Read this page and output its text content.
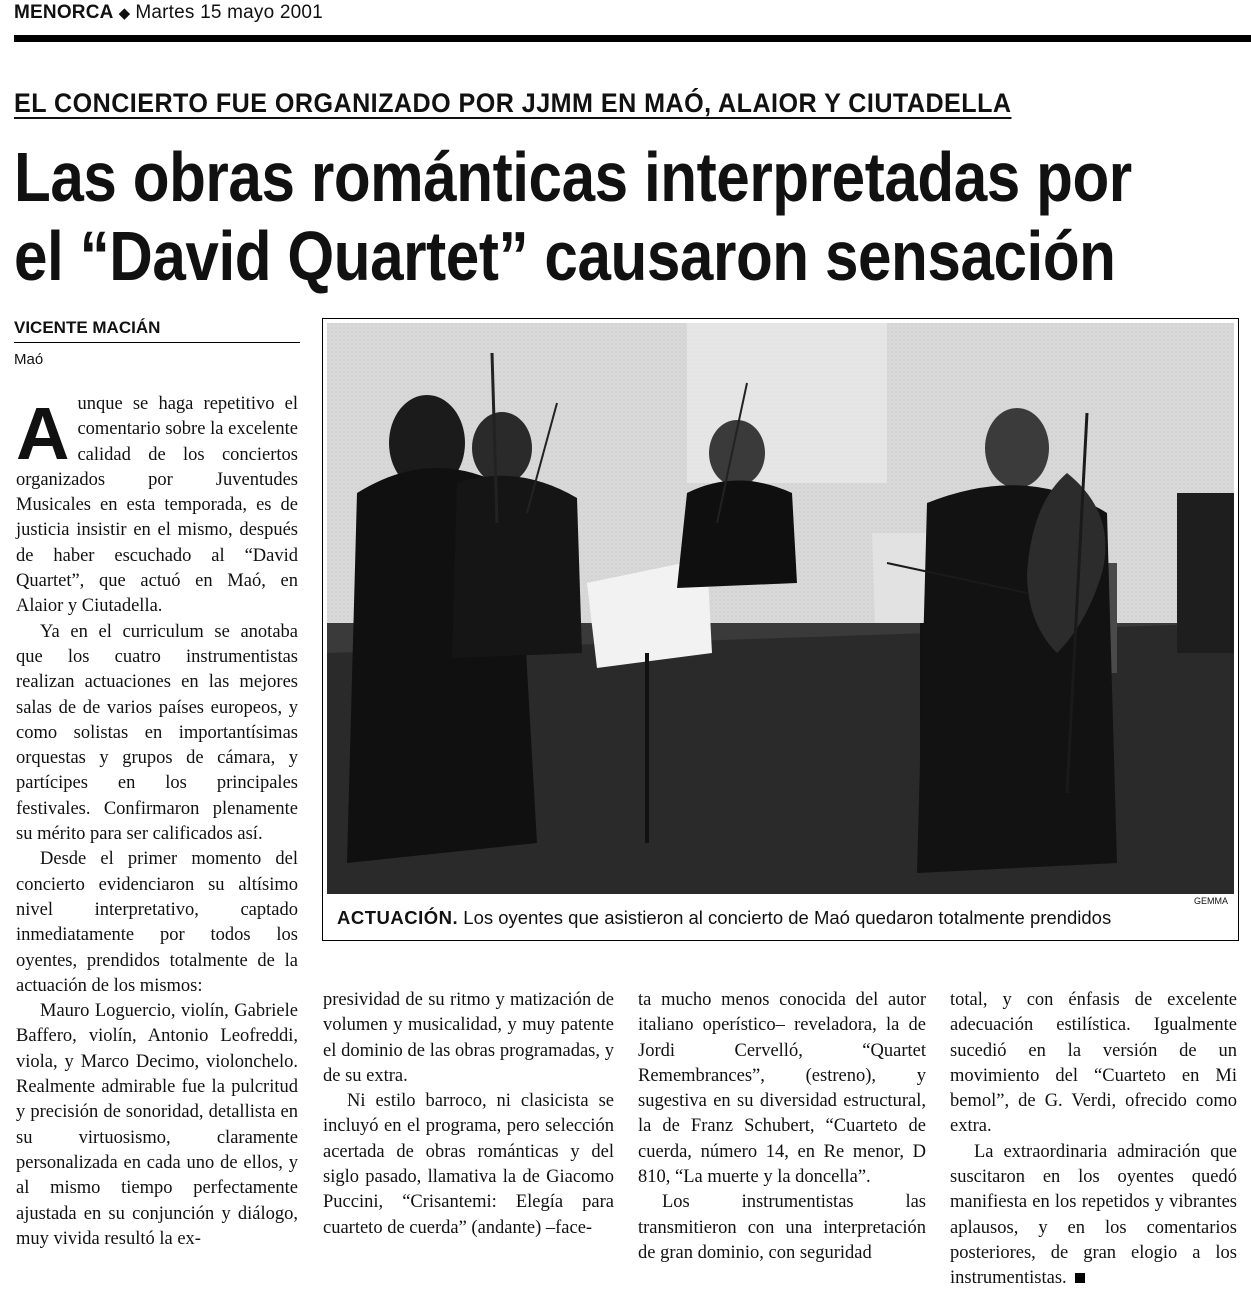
MENORCA ◆ Martes 15 mayo 2001
EL CONCIERTO FUE ORGANIZADO POR JJMM EN MAÓ, ALAIOR Y CIUTADELLA
Las obras románticas interpretadas por
el “David Quartet” causaron sensación
VICENTE MACIÁN
Maó

Aunque se haga repetitivo el comentario sobre la excelente calidad de los conciertos organizados por Juventudes Musicales en esta temporada, es de justicia insistir en el mismo, después de haber escuchado al “David Quartet”, que actuó en Maó, en Alaior y Ciutadella.

Ya en el curriculum se anotaba que los cuatro instrumentistas realizan actuaciones en las mejores salas de de varios países europeos, y como solistas en importantísimas orquestas y grupos de cámara, y partícipes en los principales festivales. Confirmaron plenamente su mérito para ser calificados así.

Desde el primer momento del concierto evidenciaron su altísimo nivel interpretativo, captado inmediatamente por todos los oyentes, prendidos totalmente de la actuación de los mismos:

Mauro Loguercio, violín, Gabriele Baffero, violín, Antonio Leofreddi, viola, y Marco Decimo, violonchelo. Realmente admirable fue la pulcritud y precisión de sonoridad, detallista en su virtuosismo, claramente personalizada en cada uno de ellos, y al mismo tiempo perfectamente ajustada en su conjunción y diálogo, muy vivida resultó la ex-

GEMMA
ACTUACIÓN. Los oyentes que asistieron al concierto de Maó quedaron totalmente prendidos

presividad de su ritmo y matización de volumen y musicalidad, y muy patente el dominio de las obras programadas, y de su extra.

Ni estilo barroco, ni clasicista se incluyó en el programa, pero selección acertada de obras románticas y del siglo pasado, llamativa la de Giacomo Puccini, “Crisantemi: Elegía para cuarteto de cuerda” (andante) –face-

ta mucho menos conocida del autor italiano operístico– reveladora, la de Jordi Cervelló, “Quartet Remembrances”, (estreno), y sugestiva en su diversidad estructural, la de Franz Schubert, “Cuarteto de cuerda, número 14, en Re menor, D 810, “La muerte y la doncella”.

Los instrumentistas las transmitieron con una interpretación de gran dominio, con seguridad

total, y con énfasis de excelente adecuación estilística. Igualmente sucedió en la versión de un movimiento del “Cuarteto en Mi bemol”, de G. Verdi, ofrecido como extra.

La extraordinaria admiración que suscitaron en los oyentes quedó manifiesta en los repetidos y vibrantes aplausos, y en los comentarios posteriores, de gran elogio a los instrumentistas.
